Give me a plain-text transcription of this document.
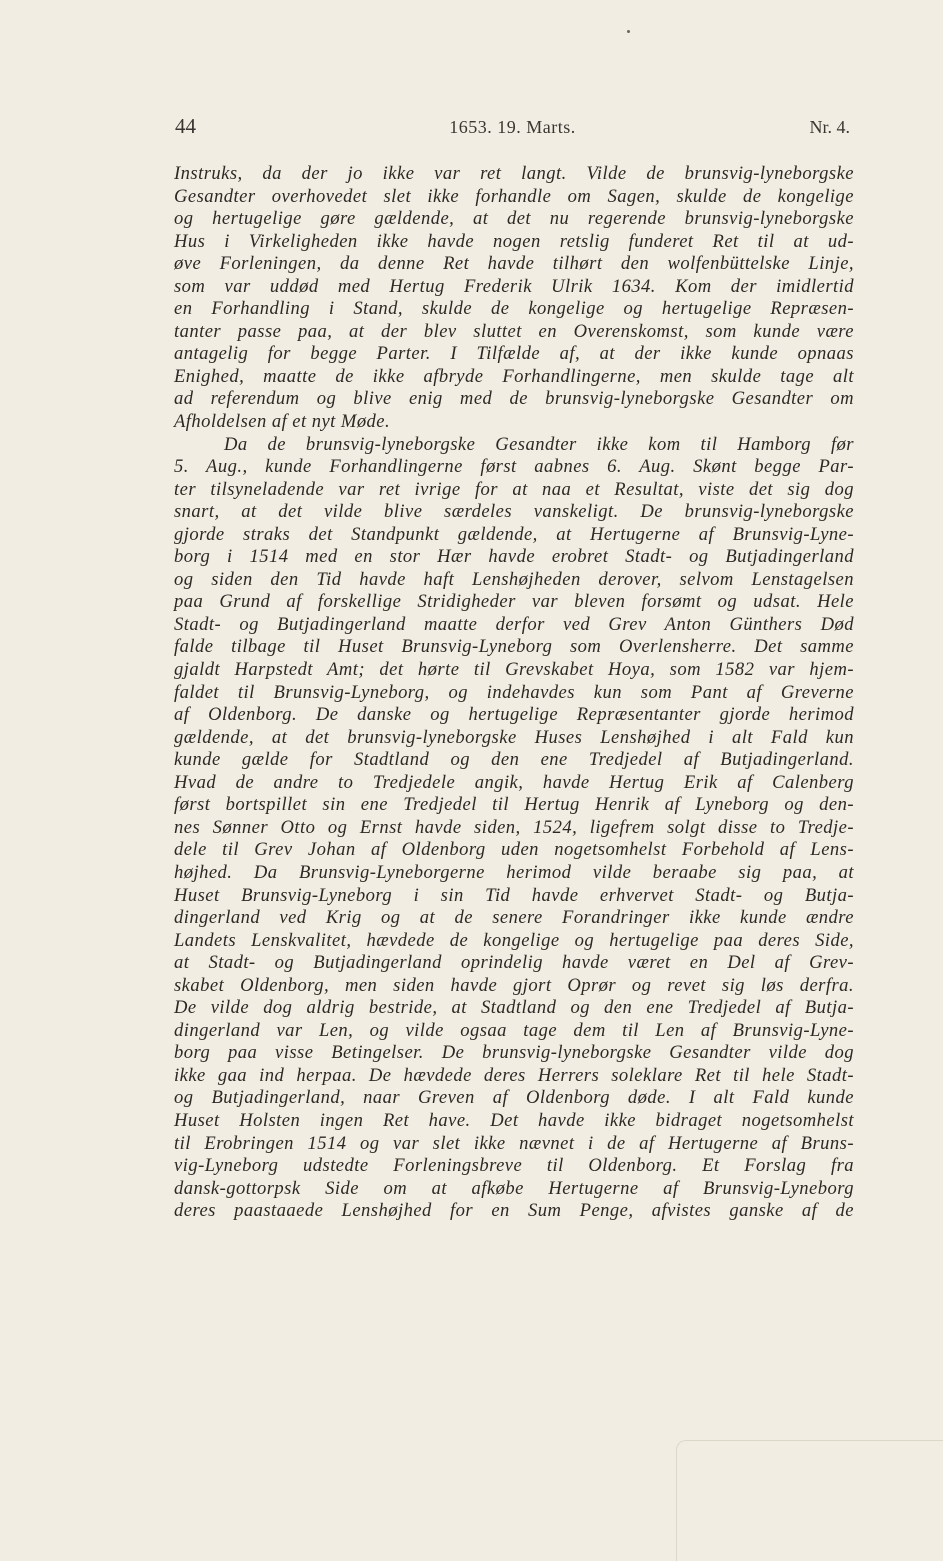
44	1653. 19. Marts.	Nr. 4.
Instruks, da der jo ikke var ret langt. Vilde de brunsvig-lyneborgske
Gesandter overhovedet slet ikke forhandle om Sagen, skulde de kongelige
og hertugelige gøre gældende, at det nu regerende brunsvig-lyneborgske
Hus i Virkeligheden ikke havde nogen retslig funderet Ret til at ud-
øve Forleningen, da denne Ret havde tilhørt den wolfenbüttelske Linje,
som var uddød med Hertug Frederik Ulrik 1634. Kom der imidlertid
en Forhandling i Stand, skulde de kongelige og hertugelige Repræsen-
tanter passe paa, at der blev sluttet en Overenskomst, som kunde være
antagelig for begge Parter. I Tilfælde af, at der ikke kunde opnaas
Enighed, maatte de ikke afbryde Forhandlingerne, men skulde tage alt
ad referendum og blive enig med de brunsvig-lyneborgske Gesandter om
Afholdelsen af et nyt Møde.
Da de brunsvig-lyneborgske Gesandter ikke kom til Hamborg før
5. Aug., kunde Forhandlingerne først aabnes 6. Aug. Skønt begge Par-
ter tilsyneladende var ret ivrige for at naa et Resultat, viste det sig dog
snart, at det vilde blive særdeles vanskeligt. De brunsvig-lyneborgske
gjorde straks det Standpunkt gældende, at Hertugerne af Brunsvig-Lyne-
borg i 1514 med en stor Hær havde erobret Stadt- og Butjadingerland
og siden den Tid havde haft Lenshøjheden derover, selvom Lenstagelsen
paa Grund af forskellige Stridigheder var bleven forsømt og udsat. Hele
Stadt- og Butjadingerland maatte derfor ved Grev Anton Günthers Død
falde tilbage til Huset Brunsvig-Lyneborg som Overlensherre. Det samme
gjaldt Harpstedt Amt; det hørte til Grevskabet Hoya, som 1582 var hjem-
faldet til Brunsvig-Lyneborg, og indehavdes kun som Pant af Greverne
af Oldenborg. De danske og hertugelige Repræsentanter gjorde herimod
gældende, at det brunsvig-lyneborgske Huses Lenshøjhed i alt Fald kun
kunde gælde for Stadtland og den ene Tredjedel af Butjadingerland.
Hvad de andre to Tredjedele angik, havde Hertug Erik af Calenberg
først bortspillet sin ene Tredjedel til Hertug Henrik af Lyneborg og den-
nes Sønner Otto og Ernst havde siden, 1524, ligefrem solgt disse to Tredje-
dele til Grev Johan af Oldenborg uden nogetsomhelst Forbehold af Lens-
højhed. Da Brunsvig-Lyneborgerne herimod vilde beraabe sig paa, at
Huset Brunsvig-Lyneborg i sin Tid havde erhvervet Stadt- og Butja-
dingerland ved Krig og at de senere Forandringer ikke kunde ændre
Landets Lenskvalitet, hævdede de kongelige og hertugelige paa deres Side,
at Stadt- og Butjadingerland oprindelig havde været en Del af Grev-
skabet Oldenborg, men siden havde gjort Oprør og revet sig løs derfra.
De vilde dog aldrig bestride, at Stadtland og den ene Tredjedel af Butja-
dingerland var Len, og vilde ogsaa tage dem til Len af Brunsvig-Lyne-
borg paa visse Betingelser. De brunsvig-lyneborgske Gesandter vilde dog
ikke gaa ind herpaa. De hævdede deres Herrers soleklare Ret til hele Stadt-
og Butjadingerland, naar Greven af Oldenborg døde. I alt Fald kunde
Huset Holsten ingen Ret have. Det havde ikke bidraget nogetsomhelst
til Erobringen 1514 og var slet ikke nævnet i de af Hertugerne af Bruns-
vig-Lyneborg udstedte Forleningsbreve til Oldenborg. Et Forslag fra
dansk-gottorpsk Side om at afkøbe Hertugerne af Brunsvig-Lyneborg
deres paastaaede Lenshøjhed for en Sum Penge, afvistes ganske af de
